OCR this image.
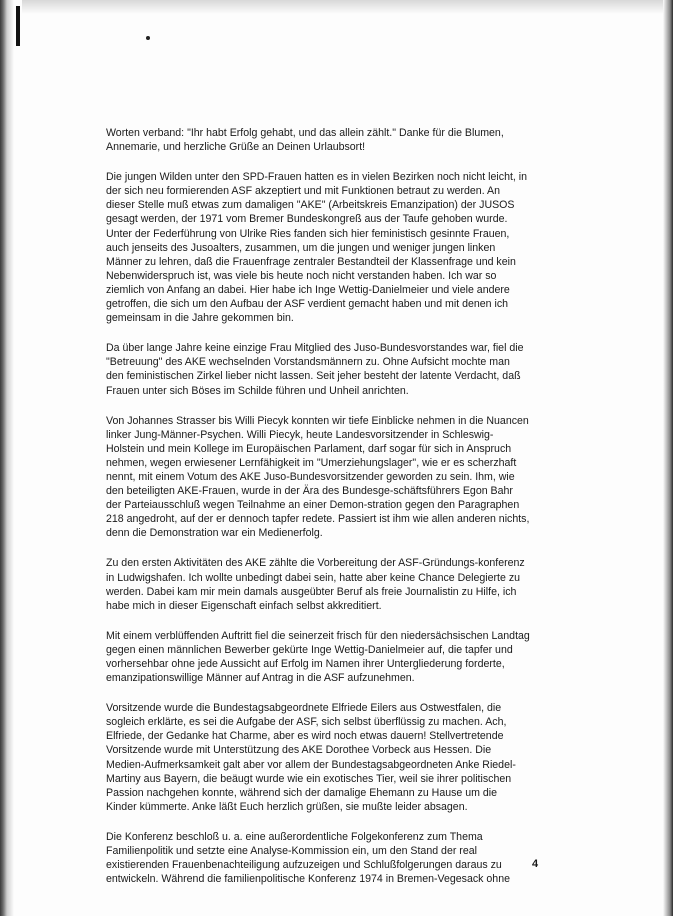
Worten verband: "Ihr habt Erfolg gehabt, und das allein zählt." Danke für die Blumen, Annemarie, und herzliche Grüße an Deinen Urlaubsort!

Die jungen Wilden unter den SPD-Frauen hatten es in vielen Bezirken noch nicht leicht, in der sich neu formierenden ASF akzeptiert und mit Funktionen betraut zu werden. An dieser Stelle muß etwas zum damaligen "AKE" (Arbeitskreis Emanzipation) der JUSOS gesagt werden, der 1971 vom Bremer Bundeskongreß aus der Taufe gehoben wurde. Unter der Federführung von Ulrike Ries fanden sich hier feministisch gesinnte Frauen, auch jenseits des Jusoalters, zusammen, um die jungen und weniger jungen linken Männer zu lehren, daß die Frauenfrage zentraler Bestandteil der Klassenfrage und kein Nebenwiderspruch ist, was viele bis heute noch nicht verstanden haben. Ich war so ziemlich von Anfang an dabei. Hier habe ich Inge Wettig-Danielmeier und viele andere getroffen, die sich um den Aufbau der ASF verdient gemacht haben und mit denen ich gemeinsam in die Jahre gekommen bin.

Da über lange Jahre keine einzige Frau Mitglied des Juso-Bundesvorstandes war, fiel die "Betreuung" des AKE wechselnden Vorstandsmännern zu. Ohne Aufsicht mochte man den feministischen Zirkel lieber nicht lassen. Seit jeher besteht der latente Verdacht, daß Frauen unter sich Böses im Schilde führen und Unheil anrichten.

Von Johannes Strasser bis Willi Piecyk konnten wir tiefe Einblicke nehmen in die Nuancen linker Jung-Männer-Psychen. Willi Piecyk, heute Landesvorsitzender in Schleswig-Holstein und mein Kollege im Europäischen Parlament, darf sogar für sich in Anspruch nehmen, wegen erwiesener Lernfähigkeit im "Umerziehungslager", wie er es scherzhaft nennt, mit einem Votum des AKE Juso-Bundesvorsitzender geworden zu sein. Ihm, wie den beteiligten AKE-Frauen, wurde in der Ära des Bundesge-schäftsführers Egon Bahr der Parteiausschluß wegen Teilnahme an einer Demon-stration gegen den Paragraphen 218 angedroht, auf der er dennoch tapfer redete. Passiert ist ihm wie allen anderen nichts, denn die Demonstration war ein Medienerfolg.

Zu den ersten Aktivitäten des AKE zählte die Vorbereitung der ASF-Gründungs-konferenz in Ludwigshafen. Ich wollte unbedingt dabei sein, hatte aber keine Chance Delegierte zu werden. Dabei kam mir mein damals ausgeübter Beruf als freie Journalistin zu Hilfe, ich habe mich in dieser Eigenschaft einfach selbst akkreditiert.

Mit einem verblüffenden Auftritt fiel die seinerzeit frisch für den niedersächsischen Landtag gegen einen männlichen Bewerber gekürte Inge Wettig-Danielmeier auf, die tapfer und vorhersehbar ohne jede Aussicht auf Erfolg im Namen ihrer Untergliederung forderte, emanzipationswillige Männer auf Antrag in die ASF aufzunehmen.

Vorsitzende wurde die Bundestagsabgeordnete Elfriede Eilers aus Ostwestfalen, die sogleich erklärte, es sei die Aufgabe der ASF, sich selbst überflüssig zu machen. Ach, Elfriede, der Gedanke hat Charme, aber es wird noch etwas dauern! Stellvertretende Vorsitzende wurde mit Unterstützung des AKE Dorothee Vorbeck aus Hessen. Die Medien-Aufmerksamkeit galt aber vor allem der Bundestagsabgeordneten Anke Riedel-Martiny aus Bayern, die beäugt wurde wie ein exotisches Tier, weil sie ihrer politischen Passion nachgehen konnte, während sich der damalige Ehemann zu Hause um die Kinder kümmerte. Anke läßt Euch herzlich grüßen, sie mußte leider absagen.

Die Konferenz beschloß u. a. eine außerordentliche Folgekonferenz zum Thema Familienpolitik und setzte eine Analyse-Kommission ein, um den Stand der real existierenden Frauenbenachteiligung aufzuzeigen und Schlußfolgerungen daraus zu entwickeln. Während die familienpolitische Konferenz 1974 in Bremen-Vegesack ohne

4
